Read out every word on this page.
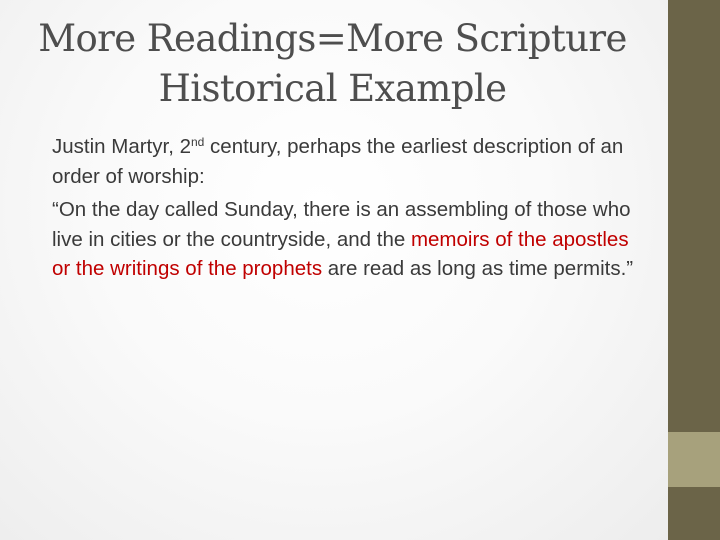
More Readings=More Scripture
Historical Example

Justin Martyr, 2nd century, perhaps the earliest description of an order of worship:

“On the day called Sunday, there is an assembling of those who live in cities or the countryside, and the memoirs of the apostles or the writings of the prophets are read as long as time permits.”
